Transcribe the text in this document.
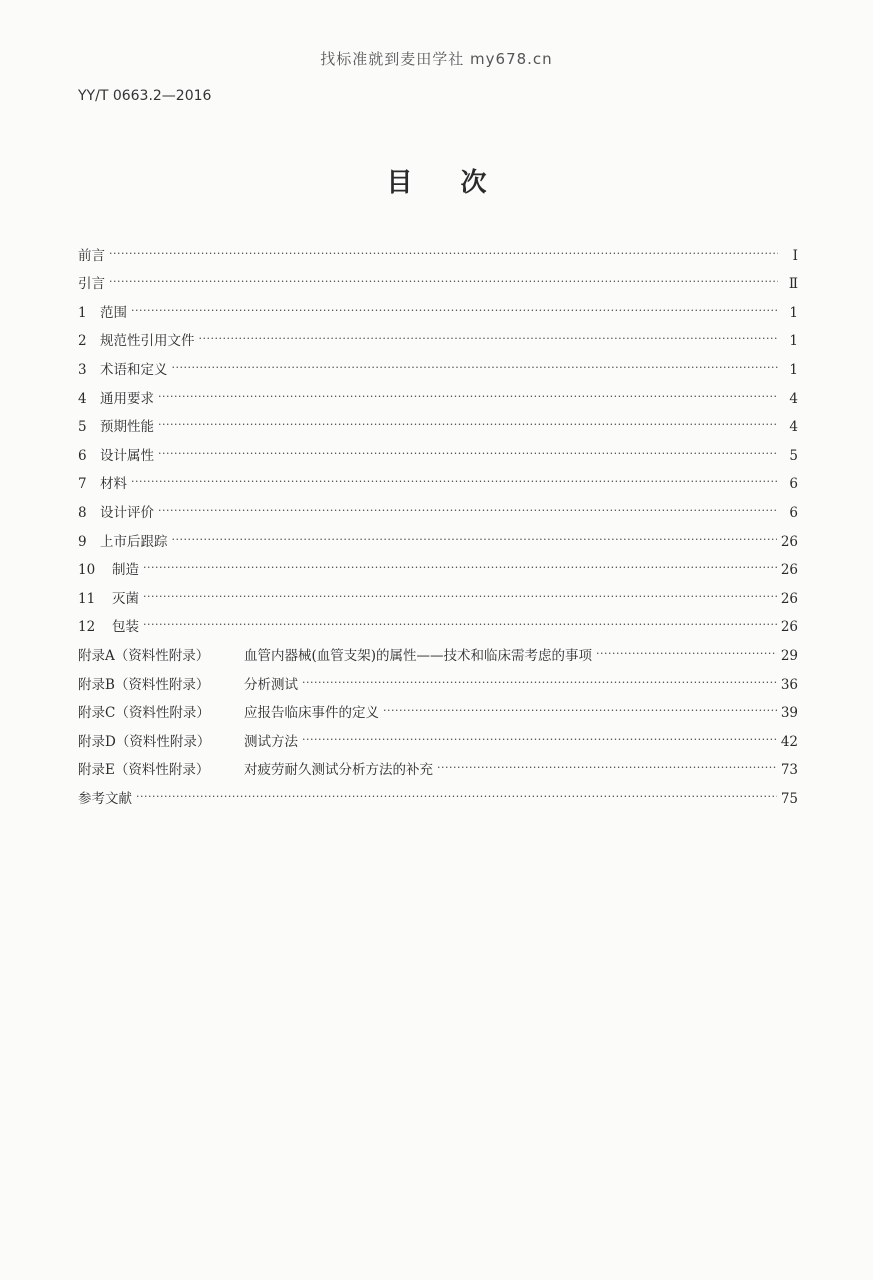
找标准就到麦田学社 my678.cn
YY/T 0663.2—2016
目次
前言 ·····	Ⅰ
引言 ·····	Ⅱ
1 范围 ·····	1
2 规范性引用文件 ·····	1
3 术语和定义 ·····	1
4 通用要求 ·····	4
5 预期性能 ·····	4
6 设计属性 ·····	5
7 材料 ·····	6
8 设计评价 ·····	6
9 上市后跟踪 ·····	26
10 制造 ·····	26
11 灭菌 ·····	26
12 包装 ·····	26
附录A（资料性附录）	血管内器械(血管支架)的属性——技术和临床需考虑的事项 ·····	29
附录B（资料性附录）	分析测试 ·····	36
附录C（资料性附录）	应报告临床事件的定义 ·····	39
附录D（资料性附录） 测试方法 ·····	42
附录E（资料性附录）	对疲劳耐久测试分析方法的补充 ·····	73
参考文献 ·····	75
